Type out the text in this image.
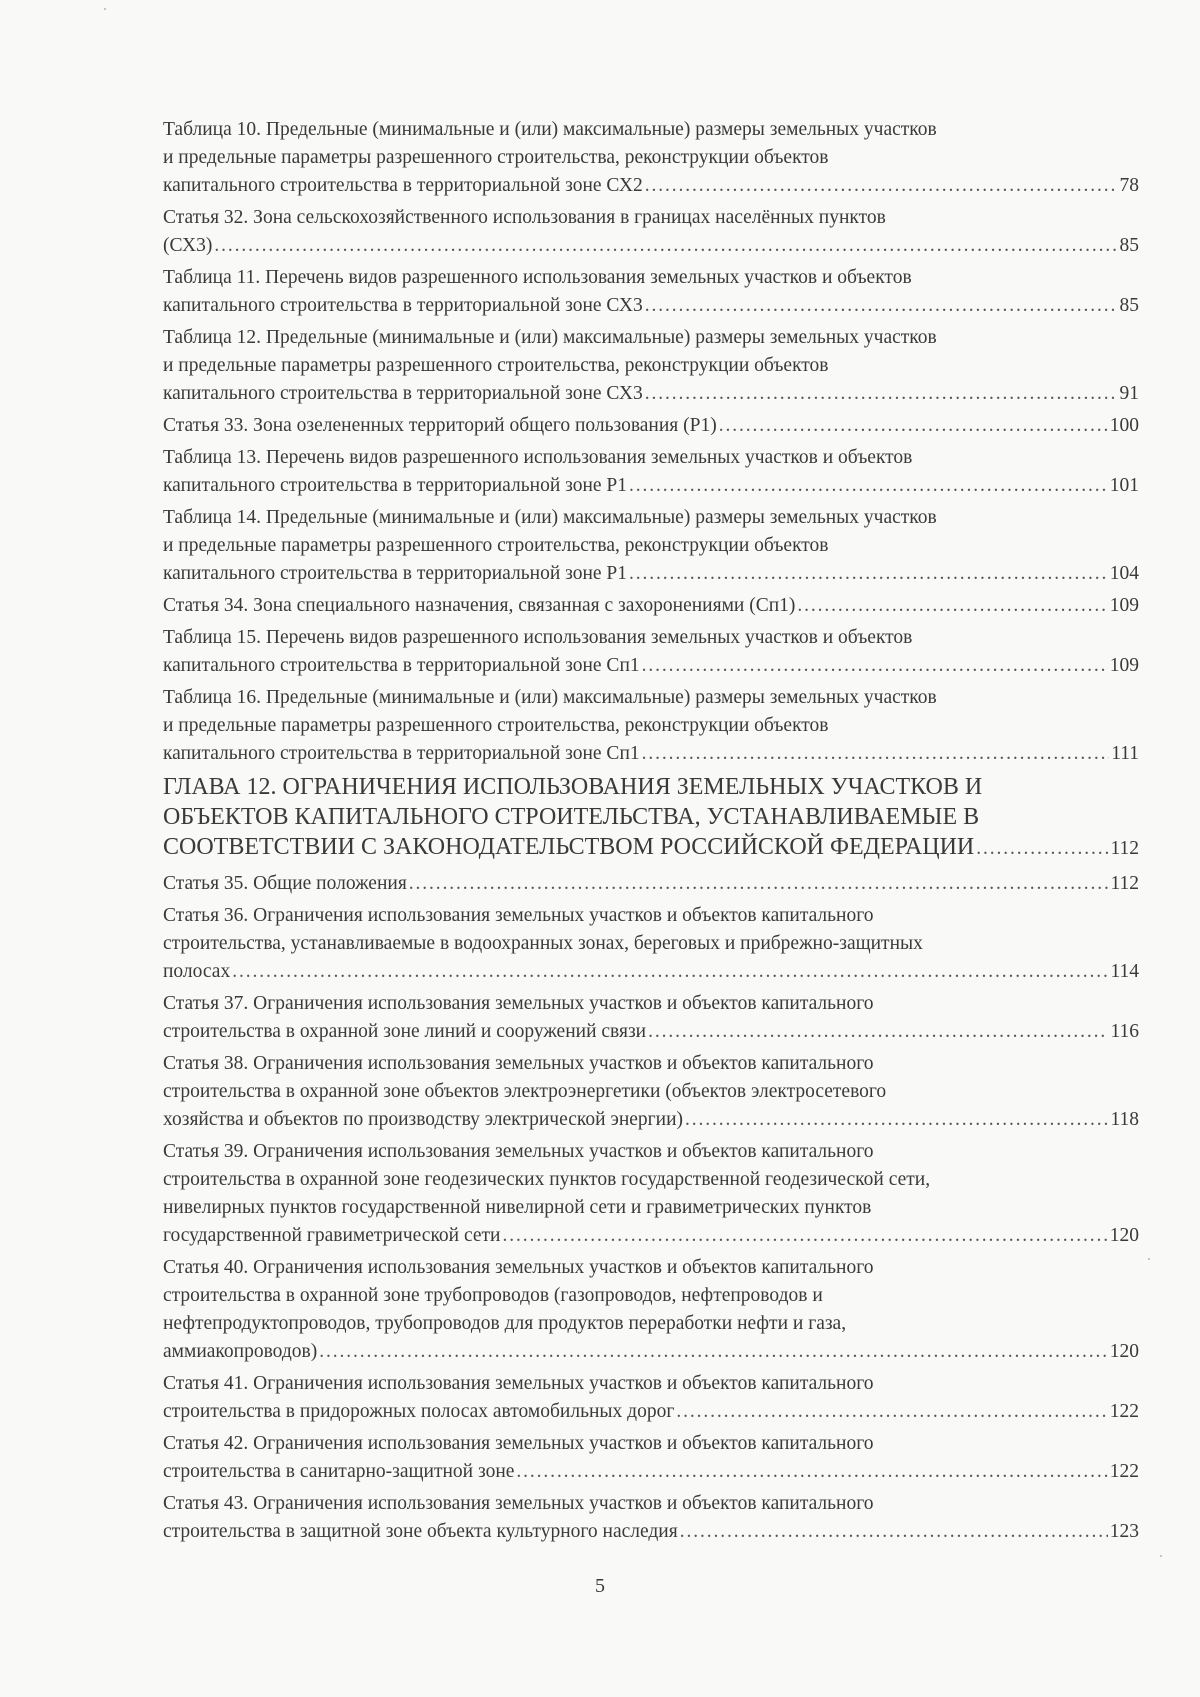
Таблица 10. Предельные (минимальные и (или) максимальные) размеры земельных участков
и предельные параметры разрешенного строительства, реконструкции объектов
капитального строительства в территориальной зоне СХ2 . . .	78
Статья 32. Зона сельскохозяйственного использования в границах населённых пунктов
(СХ3) . . .	85
Таблица 11. Перечень видов разрешенного использования земельных участков и объектов
капитального строительства в территориальной зоне СХ3 . . .	85
Таблица 12. Предельные (минимальные и (или) максимальные) размеры земельных участков
и предельные параметры разрешенного строительства, реконструкции объектов
капитального строительства в территориальной зоне СХ3 . . .	91
Статья 33. Зона озелененных территорий общего пользования (Р1) . . .	100
Таблица 13. Перечень видов разрешенного использования земельных участков и объектов
капитального строительства в территориальной зоне Р1 . . .	101
Таблица 14. Предельные (минимальные и (или) максимальные) размеры земельных участков
и предельные параметры разрешенного строительства, реконструкции объектов
капитального строительства в территориальной зоне Р1 . . .	104
Статья 34. Зона специального назначения, связанная с захоронениями (Сп1) . . .	109
Таблица 15. Перечень видов разрешенного использования земельных участков и объектов
капитального строительства в территориальной зоне Сп1 . . .	109
Таблица 16. Предельные (минимальные и (или) максимальные) размеры земельных участков
и предельные параметры разрешенного строительства, реконструкции объектов
капитального строительства в территориальной зоне Сп1 . . .	111
ГЛАВА 12. ОГРАНИЧЕНИЯ ИСПОЛЬЗОВАНИЯ ЗЕМЕЛЬНЫХ УЧАСТКОВ И
ОБЪЕКТОВ КАПИТАЛЬНОГО СТРОИТЕЛЬСТВА, УСТАНАВЛИВАЕМЫЕ В
СООТВЕТСТВИИ С ЗАКОНОДАТЕЛЬСТВОМ РОССИЙСКОЙ ФЕДЕРАЦИИ . . .	112
Статья 35. Общие положения . . .	112
Статья 36. Ограничения использования земельных участков и объектов капитального
строительства, устанавливаемые в водоохранных зонах, береговых и прибрежно-защитных
полосах . . .	114
Статья 37. Ограничения использования земельных участков и объектов капитального
строительства в охранной зоне линий и сооружений связи . . .	116
Статья 38. Ограничения использования земельных участков и объектов капитального
строительства в охранной зоне объектов электроэнергетики (объектов электросетевого
хозяйства и объектов по производству электрической энергии) . . .	118
Статья 39. Ограничения использования земельных участков и объектов капитального
строительства в охранной зоне геодезических пунктов государственной геодезической сети,
нивелирных пунктов государственной нивелирной сети и гравиметрических пунктов
государственной гравиметрической сети . . .	120
Статья 40. Ограничения использования земельных участков и объектов капитального
строительства в охранной зоне трубопроводов (газопроводов, нефтепроводов и
нефтепродуктопроводов, трубопроводов для продуктов переработки нефти и газа,
аммиакопроводов) . . .	120
Статья 41. Ограничения использования земельных участков и объектов капитального
строительства в придорожных полосах автомобильных дорог . . .	122
Статья 42. Ограничения использования земельных участков и объектов капитального
строительства в санитарно-защитной зоне . . .	122
Статья 43. Ограничения использования земельных участков и объектов капитального
строительства в защитной зоне объекта культурного наследия . . .	123
5
